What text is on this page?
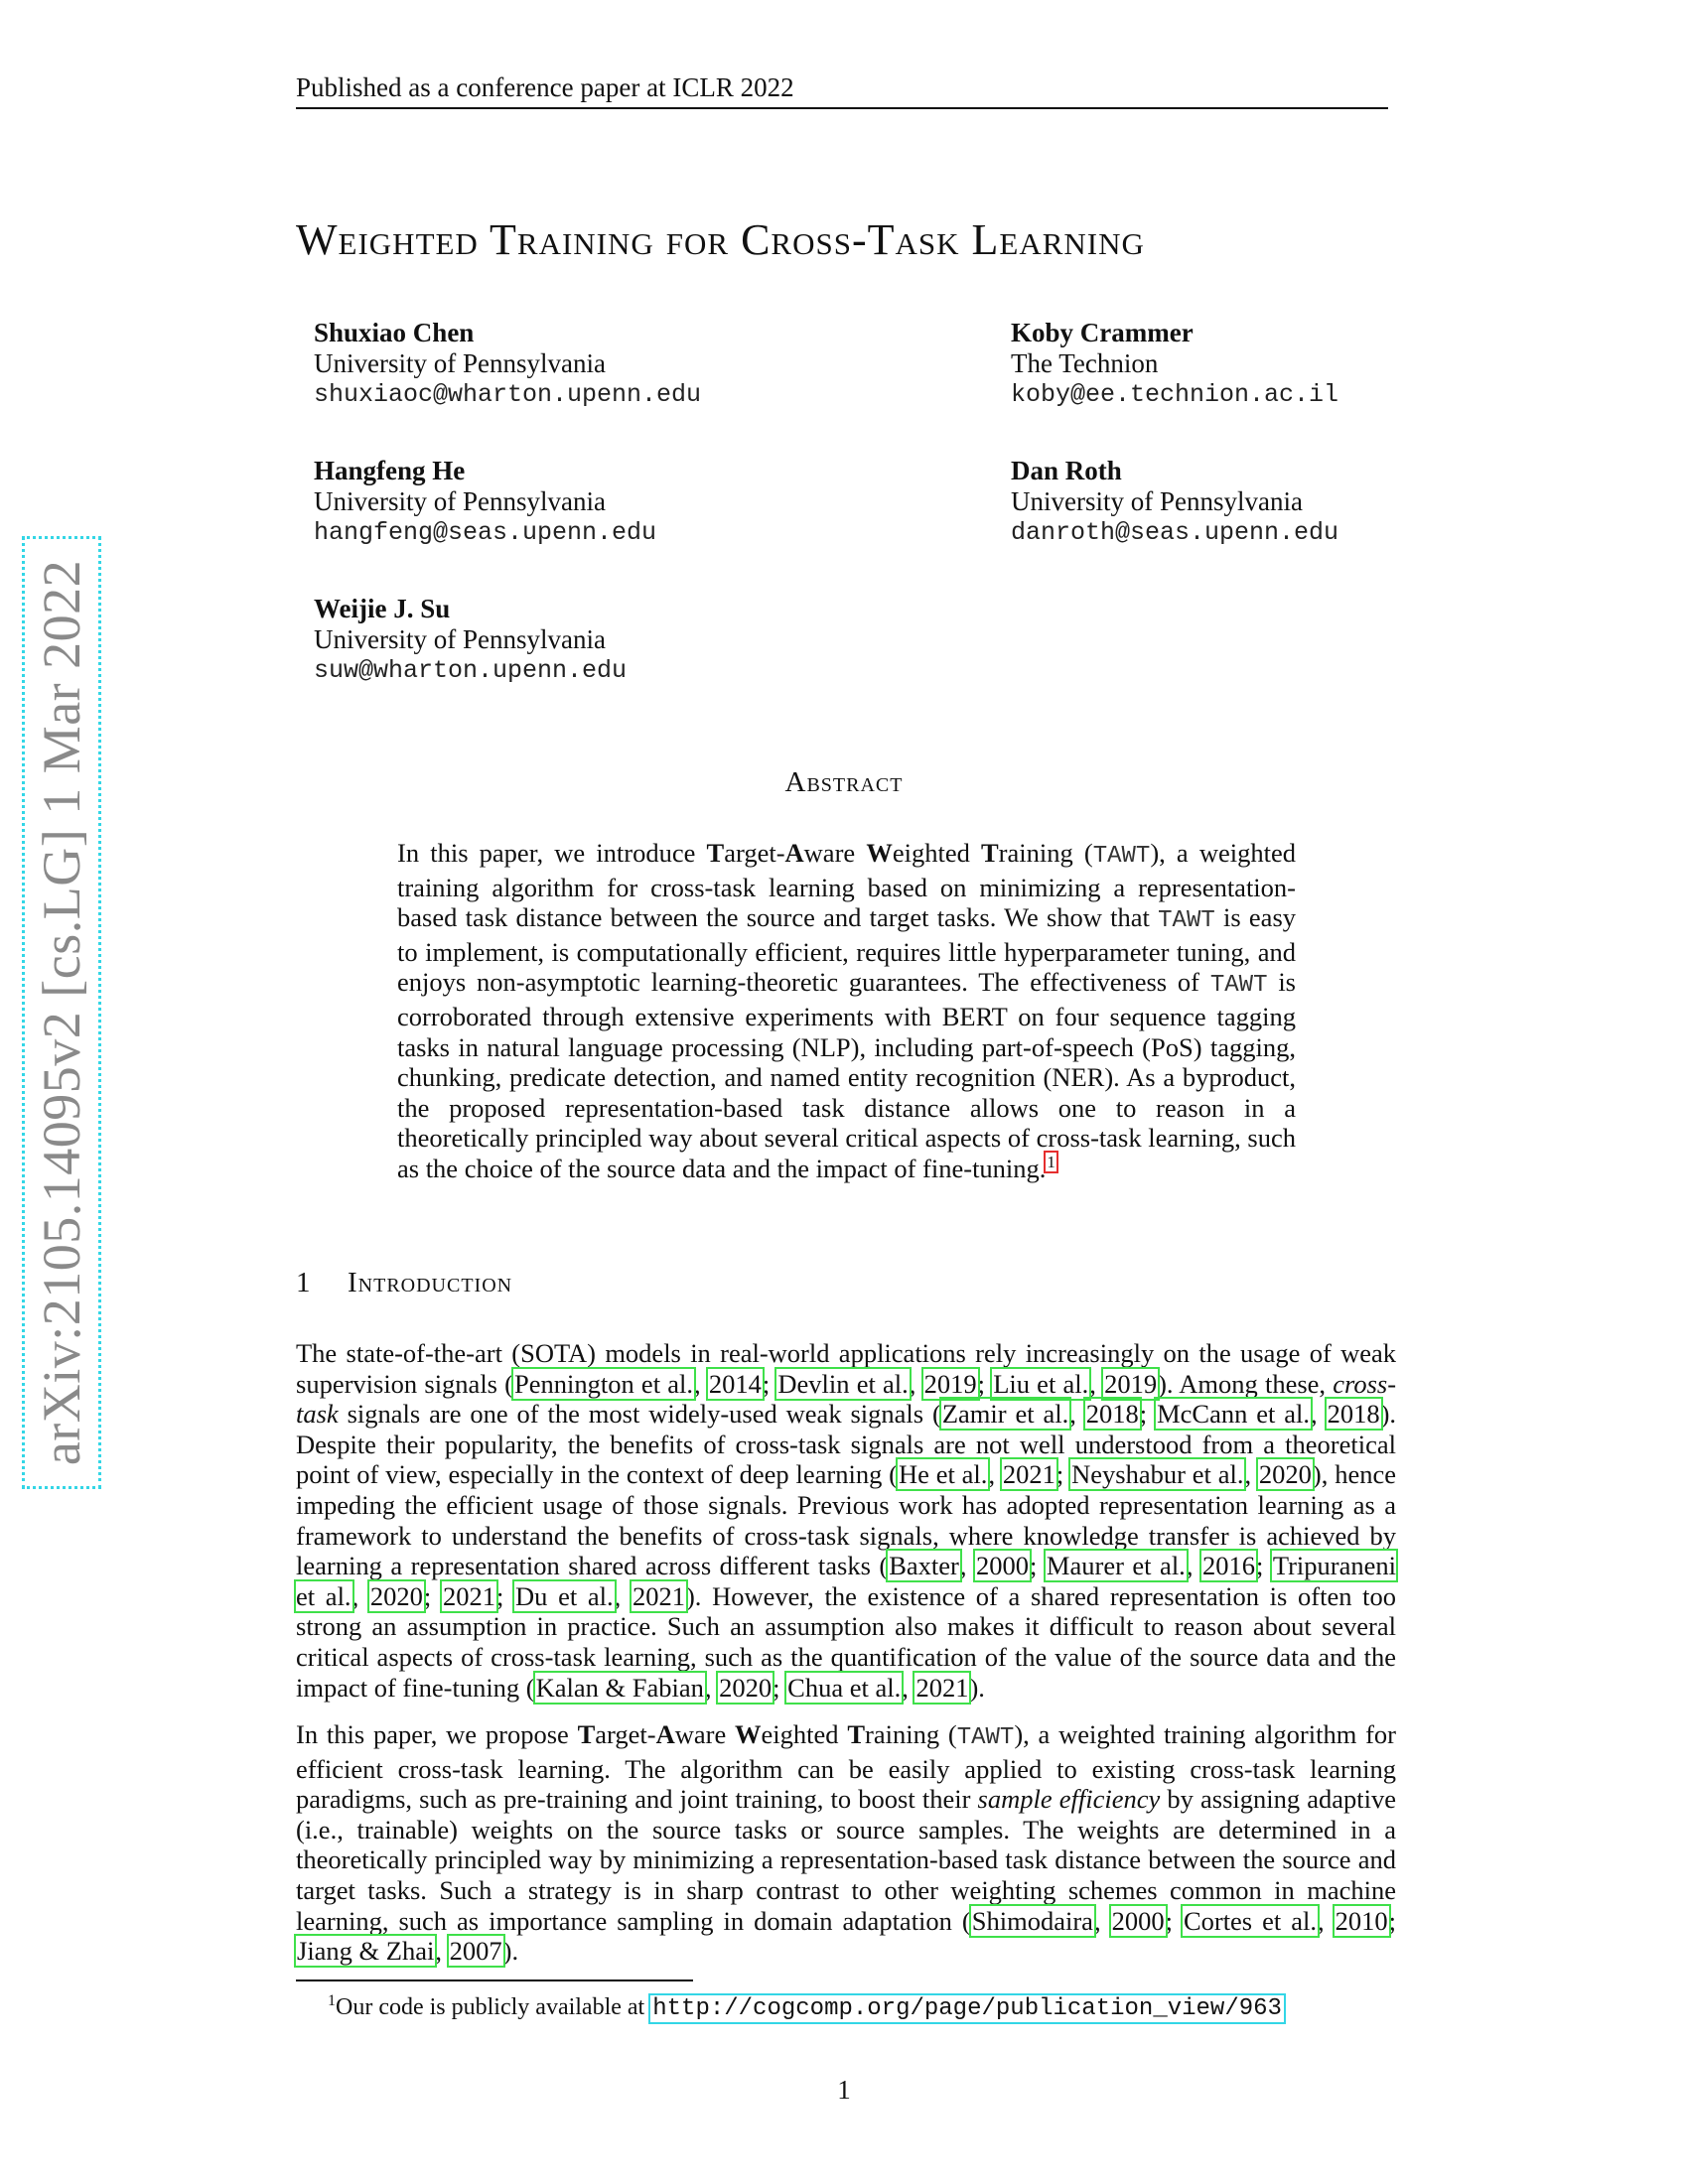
Published as a conference paper at ICLR 2022
arXiv:2105.14095v2 [cs.LG] 1 Mar 2022
Weighted Training for Cross-Task Learning
Shuxiao Chen
University of Pennsylvania
shuxiaoc@wharton.upenn.edu
Koby Crammer
The Technion
koby@ee.technion.ac.il
Hangfeng He
University of Pennsylvania
hangfeng@seas.upenn.edu
Dan Roth
University of Pennsylvania
danroth@seas.upenn.edu
Weijie J. Su
University of Pennsylvania
suw@wharton.upenn.edu
Abstract
In this paper, we introduce Target-Aware Weighted Training (TAWT), a weighted training algorithm for cross-task learning based on minimizing a representation-based task distance between the source and target tasks. We show that TAWT is easy to implement, is computationally efficient, requires little hyperparameter tuning, and enjoys non-asymptotic learning-theoretic guarantees. The effectiveness of TAWT is corroborated through extensive experiments with BERT on four sequence tagging tasks in natural language processing (NLP), including part-of-speech (PoS) tagging, chunking, predicate detection, and named entity recognition (NER). As a byproduct, the proposed representation-based task distance allows one to reason in a theoretically principled way about several critical aspects of cross-task learning, such as the choice of the source data and the impact of fine-tuning.$^1$
1 Introduction
The state-of-the-art (SOTA) models in real-world applications rely increasingly on the usage of weak supervision signals (Pennington et al., 2014; Devlin et al., 2019; Liu et al., 2019). Among these, cross-task signals are one of the most widely-used weak signals (Zamir et al., 2018; McCann et al., 2018). Despite their popularity, the benefits of cross-task signals are not well understood from a theoretical point of view, especially in the context of deep learning (He et al., 2021; Neyshabur et al., 2020), hence impeding the efficient usage of those signals. Previous work has adopted representation learning as a framework to understand the benefits of cross-task signals, where knowledge transfer is achieved by learning a representation shared across different tasks (Baxter, 2000; Maurer et al., 2016; Tripuraneni et al., 2020; 2021; Du et al., 2021). However, the existence of a shared representation is often too strong an assumption in practice. Such an assumption also makes it difficult to reason about several critical aspects of cross-task learning, such as the quantification of the value of the source data and the impact of fine-tuning (Kalan & Fabian, 2020; Chua et al., 2021).
In this paper, we propose Target-Aware Weighted Training (TAWT), a weighted training algorithm for efficient cross-task learning. The algorithm can be easily applied to existing cross-task learning paradigms, such as pre-training and joint training, to boost their sample efficiency by assigning adaptive (i.e., trainable) weights on the source tasks or source samples. The weights are determined in a theoretically principled way by minimizing a representation-based task distance between the source and target tasks. Such a strategy is in sharp contrast to other weighting schemes common in machine learning, such as importance sampling in domain adaptation (Shimodaira, 2000; Cortes et al., 2010; Jiang & Zhai, 2007).
$^1$Our code is publicly available at http://cogcomp.org/page/publication_view/963
1
